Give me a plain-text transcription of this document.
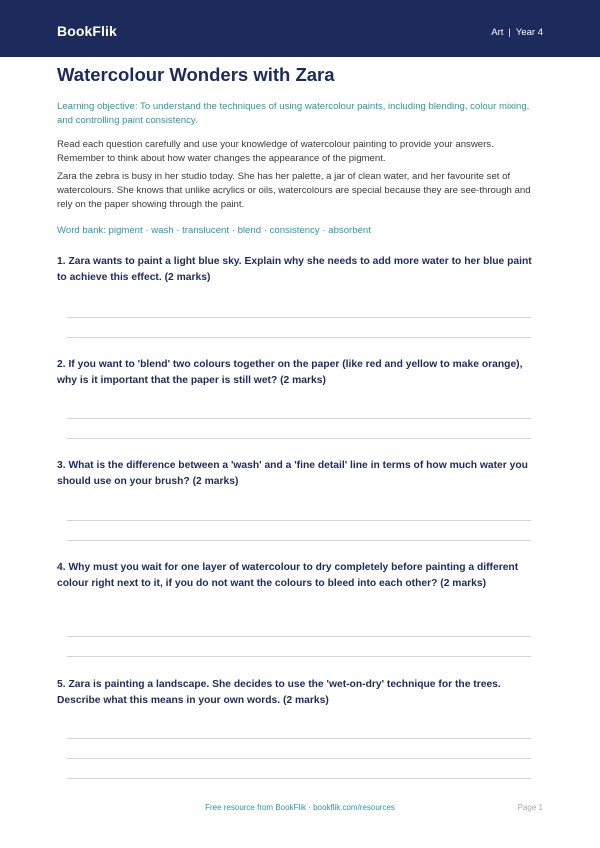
BookFlik	Art | Year 4
Watercolour Wonders with Zara

Learning objective: To understand the techniques of using watercolour paints, including blending, colour mixing, and controlling paint consistency.

Read each question carefully and use your knowledge of watercolour painting to provide your answers. Remember to think about how water changes the appearance of the pigment.

Zara the zebra is busy in her studio today. She has her palette, a jar of clean water, and her favourite set of watercolours. She knows that unlike acrylics or oils, watercolours are special because they are see-through and rely on the paper showing through the paint.

Word bank: pigment · wash · translucent · blend · consistency · absorbent

1. Zara wants to paint a light blue sky. Explain why she needs to add more water to her blue paint to achieve this effect. (2 marks)

2. If you want to 'blend' two colours together on the paper (like red and yellow to make orange), why is it important that the paper is still wet? (2 marks)

3. What is the difference between a 'wash' and a 'fine detail' line in terms of how much water you should use on your brush? (2 marks)

4. Why must you wait for one layer of watercolour to dry completely before painting a different colour right next to it, if you do not want the colours to bleed into each other? (2 marks)

5. Zara is painting a landscape. She decides to use the 'wet-on-dry' technique for the trees. Describe what this means in your own words. (2 marks)

Free resource from BookFlik · bookflik.com/resources	Page 1
